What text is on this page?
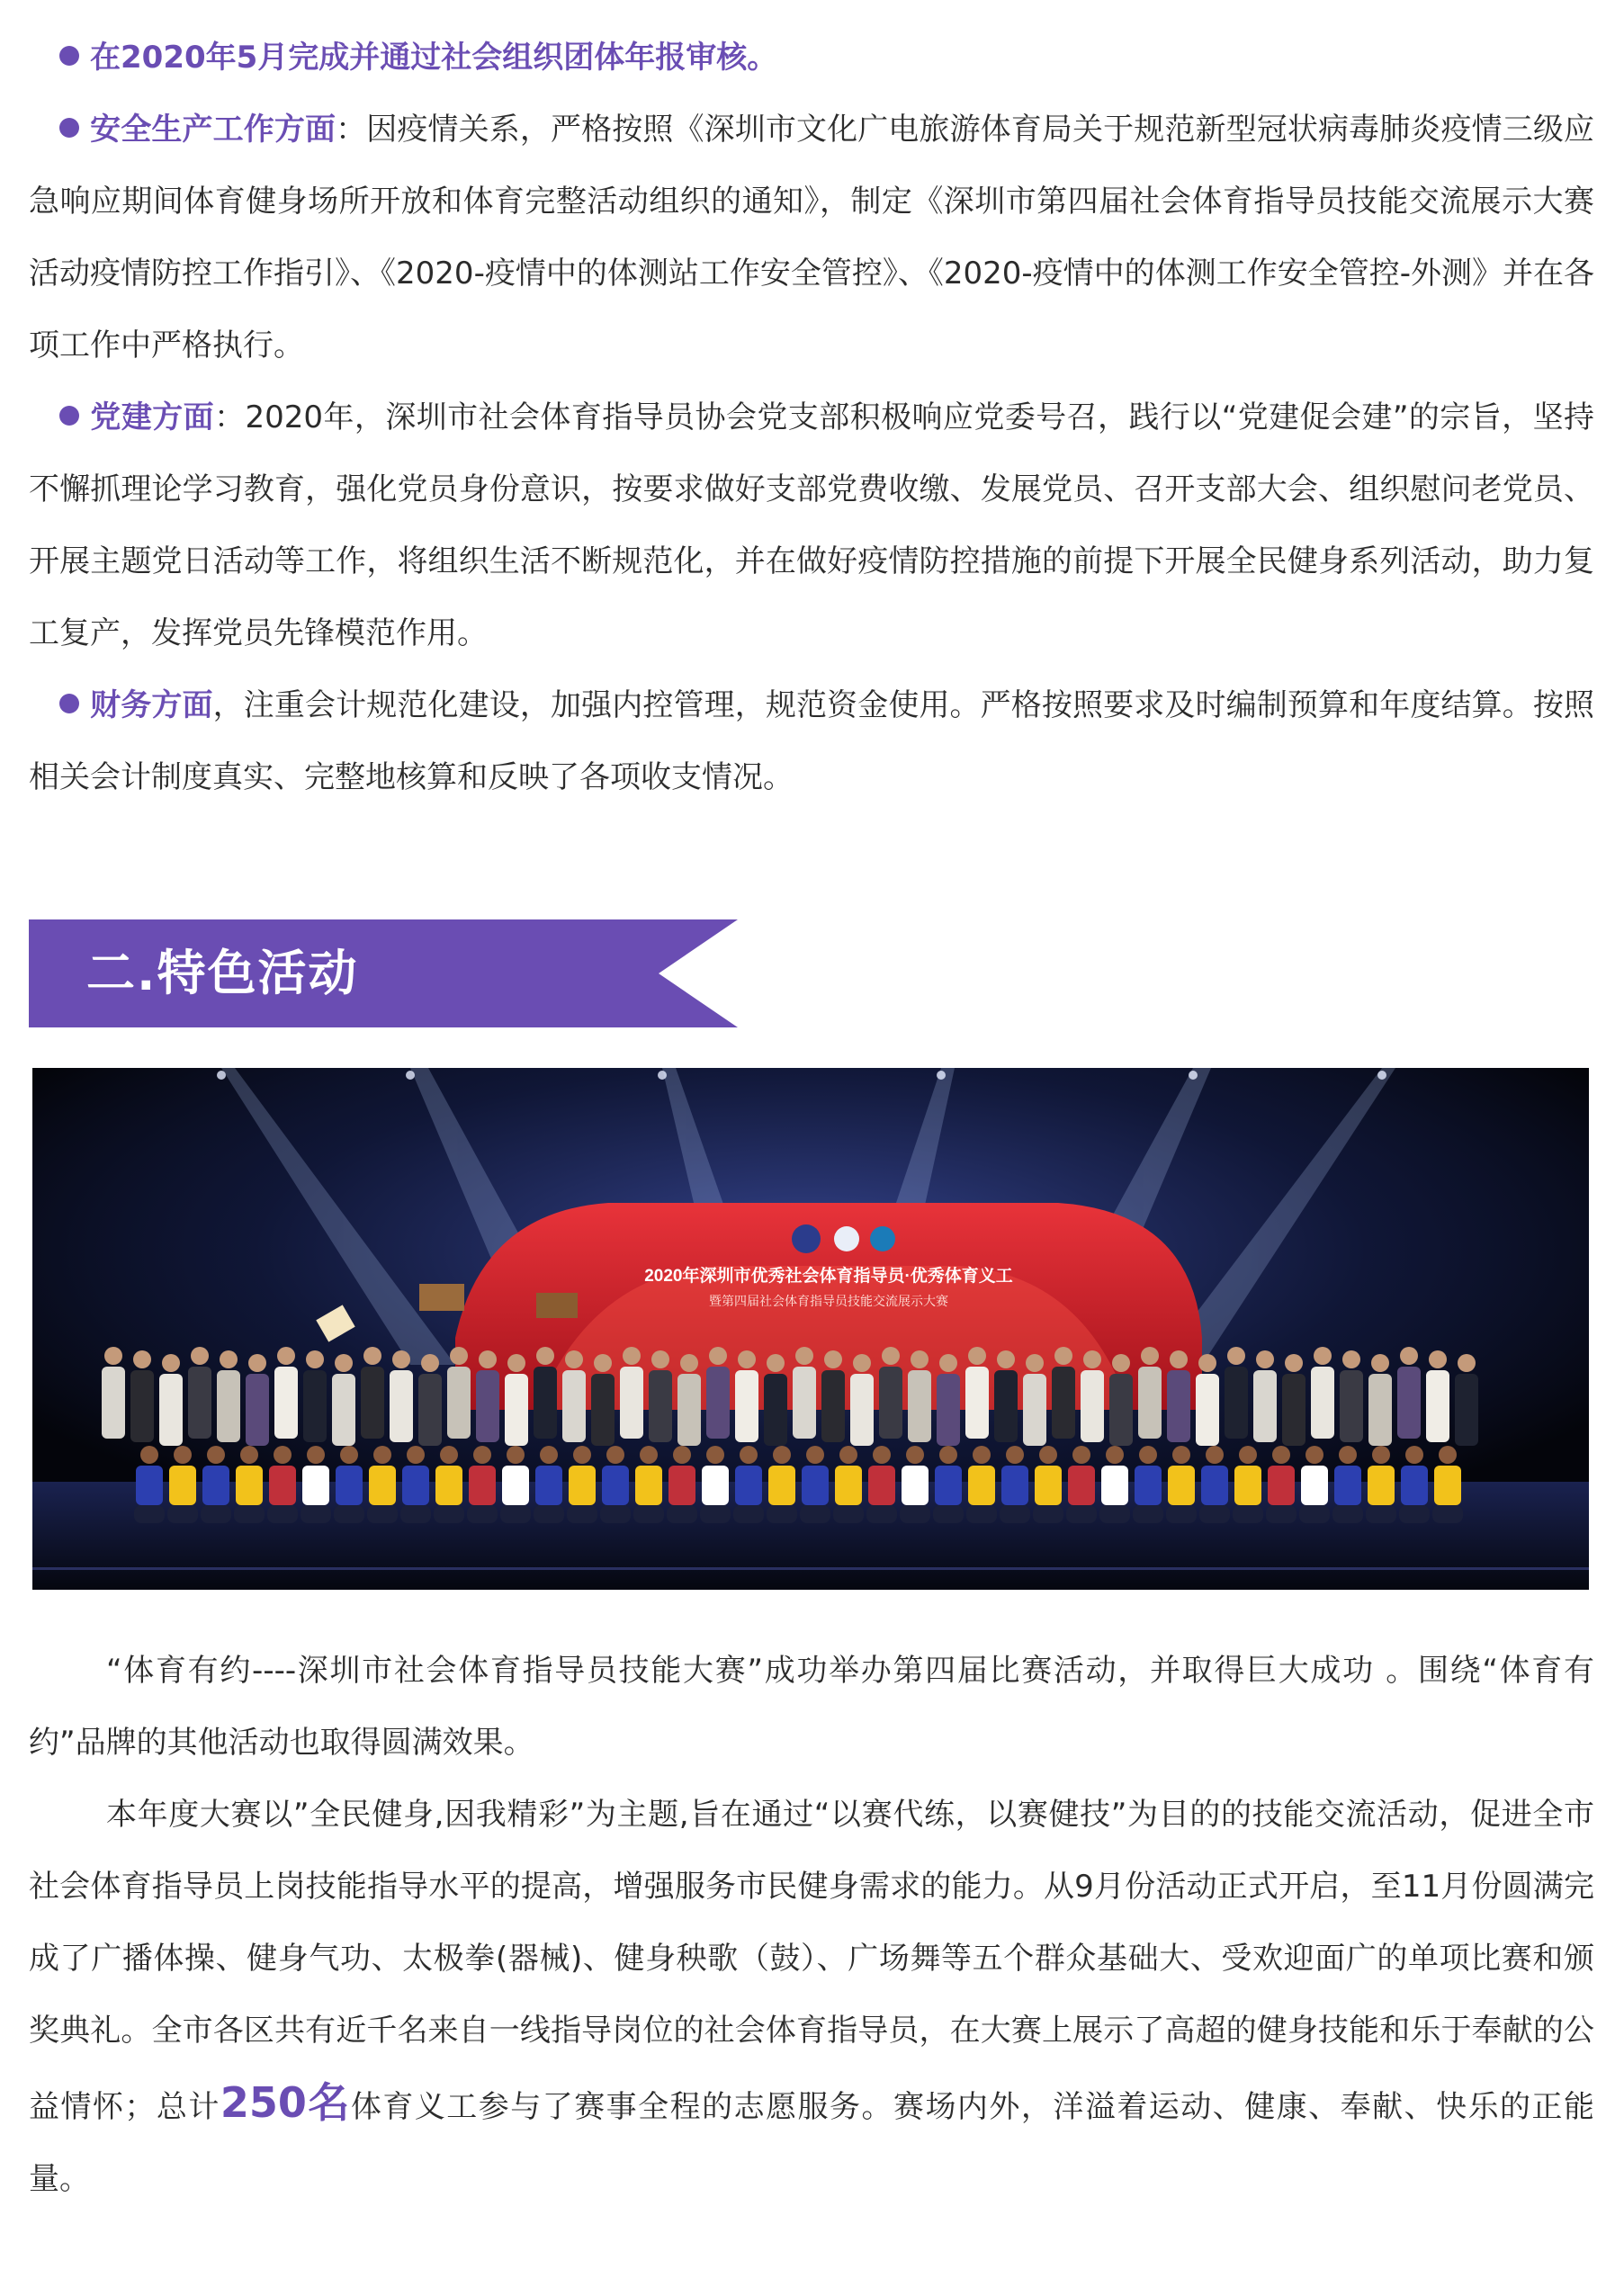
在2020年5月完成并通过社会组织团体年报审核。

安全生产工作方面：因疫情关系，严格按照《深圳市文化广电旅游体育局关于规范新型冠状病毒肺炎疫情三级应急响应期间体育健身场所开放和体育完整活动组织的通知》，制定《深圳市第四届社会体育指导员技能交流展示大赛活动疫情防控工作指引》、《2020-疫情中的体测站工作安全管控》、《2020-疫情中的体测工作安全管控-外测》并在各项工作中严格执行。

党建方面：2020年，深圳市社会体育指导员协会党支部积极响应党委号召，践行以“党建促会建”的宗旨，坚持不懈抓理论学习教育，强化党员身份意识，按要求做好支部党费收缴、发展党员、召开支部大会、组织慰问老党员、开展主题党日活动等工作，将组织生活不断规范化，并在做好疫情防控措施的前提下开展全民健身系列活动，助力复工复产，发挥党员先锋模范作用。

财务方面，注重会计规范化建设，加强内控管理，规范资金使用。严格按照要求及时编制预算和年度结算。按照相关会计制度真实、完整地核算和反映了各项收支情况。

二.特色活动
2020年深圳市优秀社会体育指导员·优秀体育义工
暨第四届社会体育指导员技能交流展示大赛

“体育有约----深圳市社会体育指导员技能大赛”成功举办第四届比赛活动，并取得巨大成功 。围绕“体育有约”品牌的其他活动也取得圆满效果。

本年度大赛以”全民健身,因我精彩”为主题,旨在通过“以赛代练，以赛健技”为目的的技能交流活动，促进全市社会体育指导员上岗技能指导水平的提高，增强服务市民健身需求的能力。从9月份活动正式开启，至11月份圆满完成了广播体操、健身气功、太极拳(器械)、健身秧歌（鼓）、广场舞等五个群众基础大、受欢迎面广的单项比赛和颁奖典礼。全市各区共有近千名来自一线指导岗位的社会体育指导员，在大赛上展示了高超的健身技能和乐于奉献的公益情怀；总计250名体育义工参与了赛事全程的志愿服务。赛场内外，洋溢着运动、健康、奉献、快乐的正能量。
